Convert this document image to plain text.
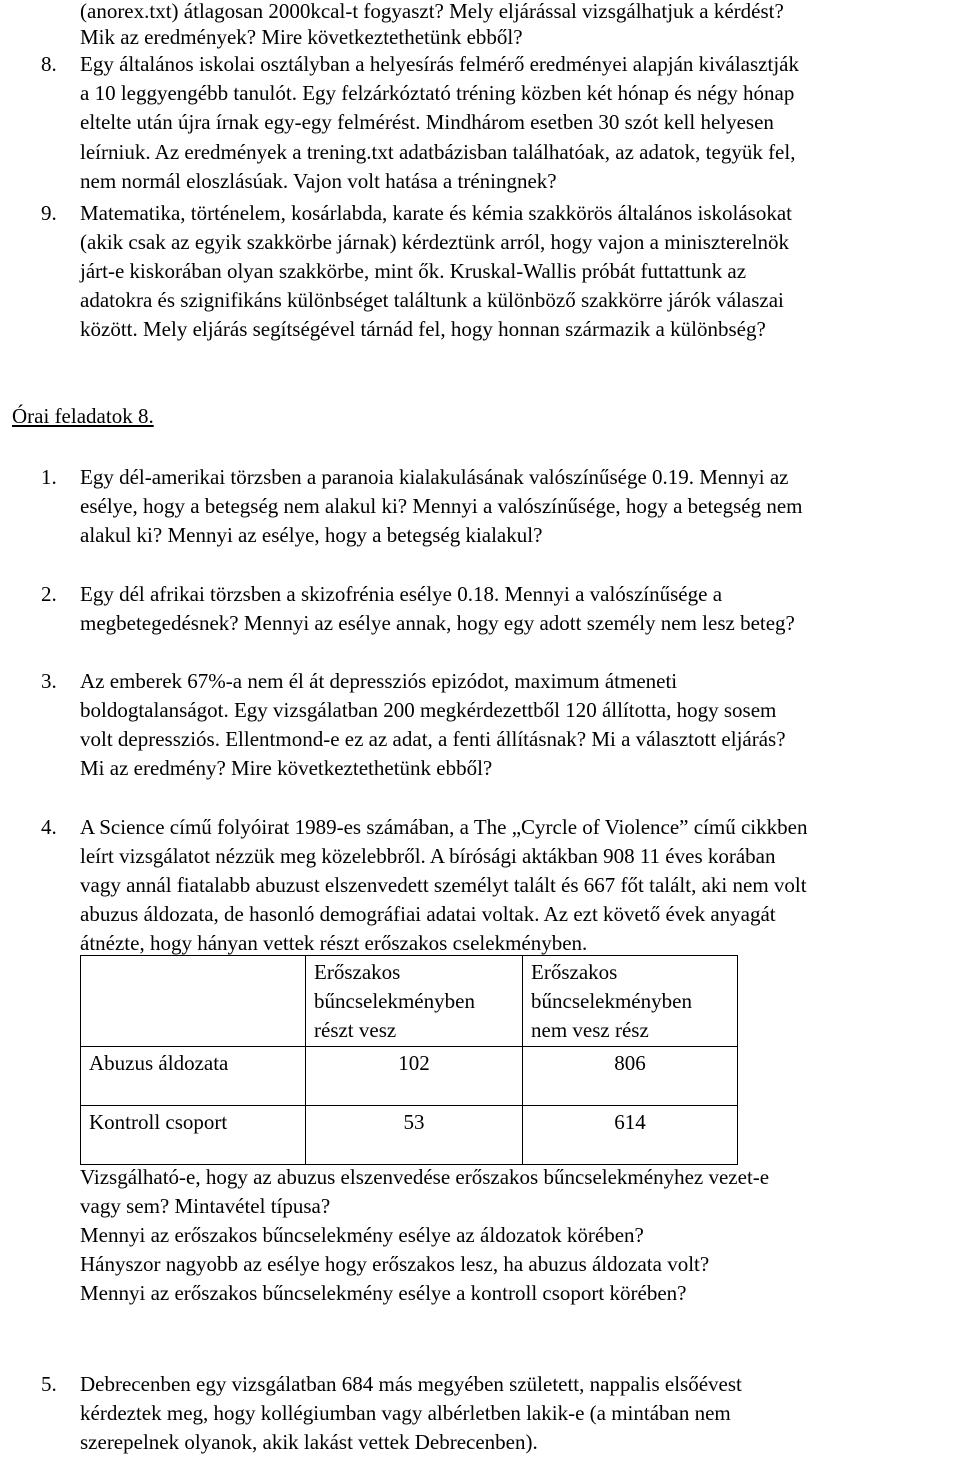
(anorex.txt) átlagosan 2000kcal-t fogyaszt? Mely eljárással vizsgálhatjuk a kérdést?
Mik az eredmények? Mire következtethetünk ebből?
8. Egy általános iskolai osztályban a helyesírás felmérő eredményei alapján kiválasztják
a 10 leggyengébb tanulót. Egy felzárkóztató tréning közben két hónap és négy hónap
eltelte után újra írnak egy-egy felmérést. Mindhárom esetben 30 szót kell helyesen
leírniuk. Az eredmények a trening.txt adatbázisban találhatóak, az adatok, tegyük fel,
nem normál eloszlásúak. Vajon volt hatása a tréningnek?
9. Matematika, történelem, kosárlabda, karate és kémia szakkörös általános iskolásokat
(akik csak az egyik szakkörbe járnak) kérdeztünk arról, hogy vajon a miniszterelnök
járt-e kiskorában olyan szakkörbe, mint ők. Kruskal-Wallis próbát futtattunk az
adatokra és szignifikáns különbséget találtunk a különböző szakkörre járók válaszai
között. Mely eljárás segítségével tárnád fel, hogy honnan származik a különbség?
Órai feladatok 8.
1. Egy dél-amerikai törzsben a paranoia kialakulásának valószínűsége 0.19. Mennyi az
esélye, hogy a betegség nem alakul ki? Mennyi a valószínűsége, hogy a betegség nem
alakul ki? Mennyi az esélye, hogy a betegség kialakul?
2. Egy dél afrikai törzsben a skizofrénia esélye 0.18. Mennyi a valószínűsége a
megbetegedésnek? Mennyi az esélye annak, hogy egy adott személy nem lesz beteg?
3. Az emberek 67%-a nem él át depressziós epizódot, maximum átmeneti
boldogtalanságot. Egy vizsgálatban 200 megkérdezettből 120 állította, hogy sosem
volt depressziós. Ellentmond-e ez az adat, a fenti állításnak? Mi a választott eljárás?
Mi az eredmény? Mire következtethetünk ebből?
4. A Science című folyóirat 1989-es számában, a The „Cyrcle of Violence” című cikkben
leírt vizsgálatot nézzük meg közelebbről. A bírósági aktákban 908 11 éves korában
vagy annál fiatalabb abuzust elszenvedett személyt talált és 667 főt talált, aki nem volt
abuzus áldozata, de hasonló demográfiai adatai voltak. Az ezt követő évek anyagát
átnézte, hogy hányan vettek részt erőszakos cselekményben.

	Erőszakos bűncselekményben részt vesz	Erőszakos bűncselekményben nem vesz rész

Abuzus áldozata	102	806
Kontroll csoport	53	614
Vizsgálható-e, hogy az abuzus elszenvedése erőszakos bűncselekményhez vezet-e
vagy sem? Mintavétel típusa?
Mennyi az erőszakos bűncselekmény esélye az áldozatok körében?
Hányszor nagyobb az esélye hogy erőszakos lesz, ha abuzus áldozata volt?
Mennyi az erőszakos bűncselekmény esélye a kontroll csoport körében?
5. Debrecenben egy vizsgálatban 684 más megyében született, nappalis elsőévest
kérdeztek meg, hogy kollégiumban vagy albérletben lakik-e (a mintában nem
szerepelnek olyanok, akik lakást vettek Debrecenben).
